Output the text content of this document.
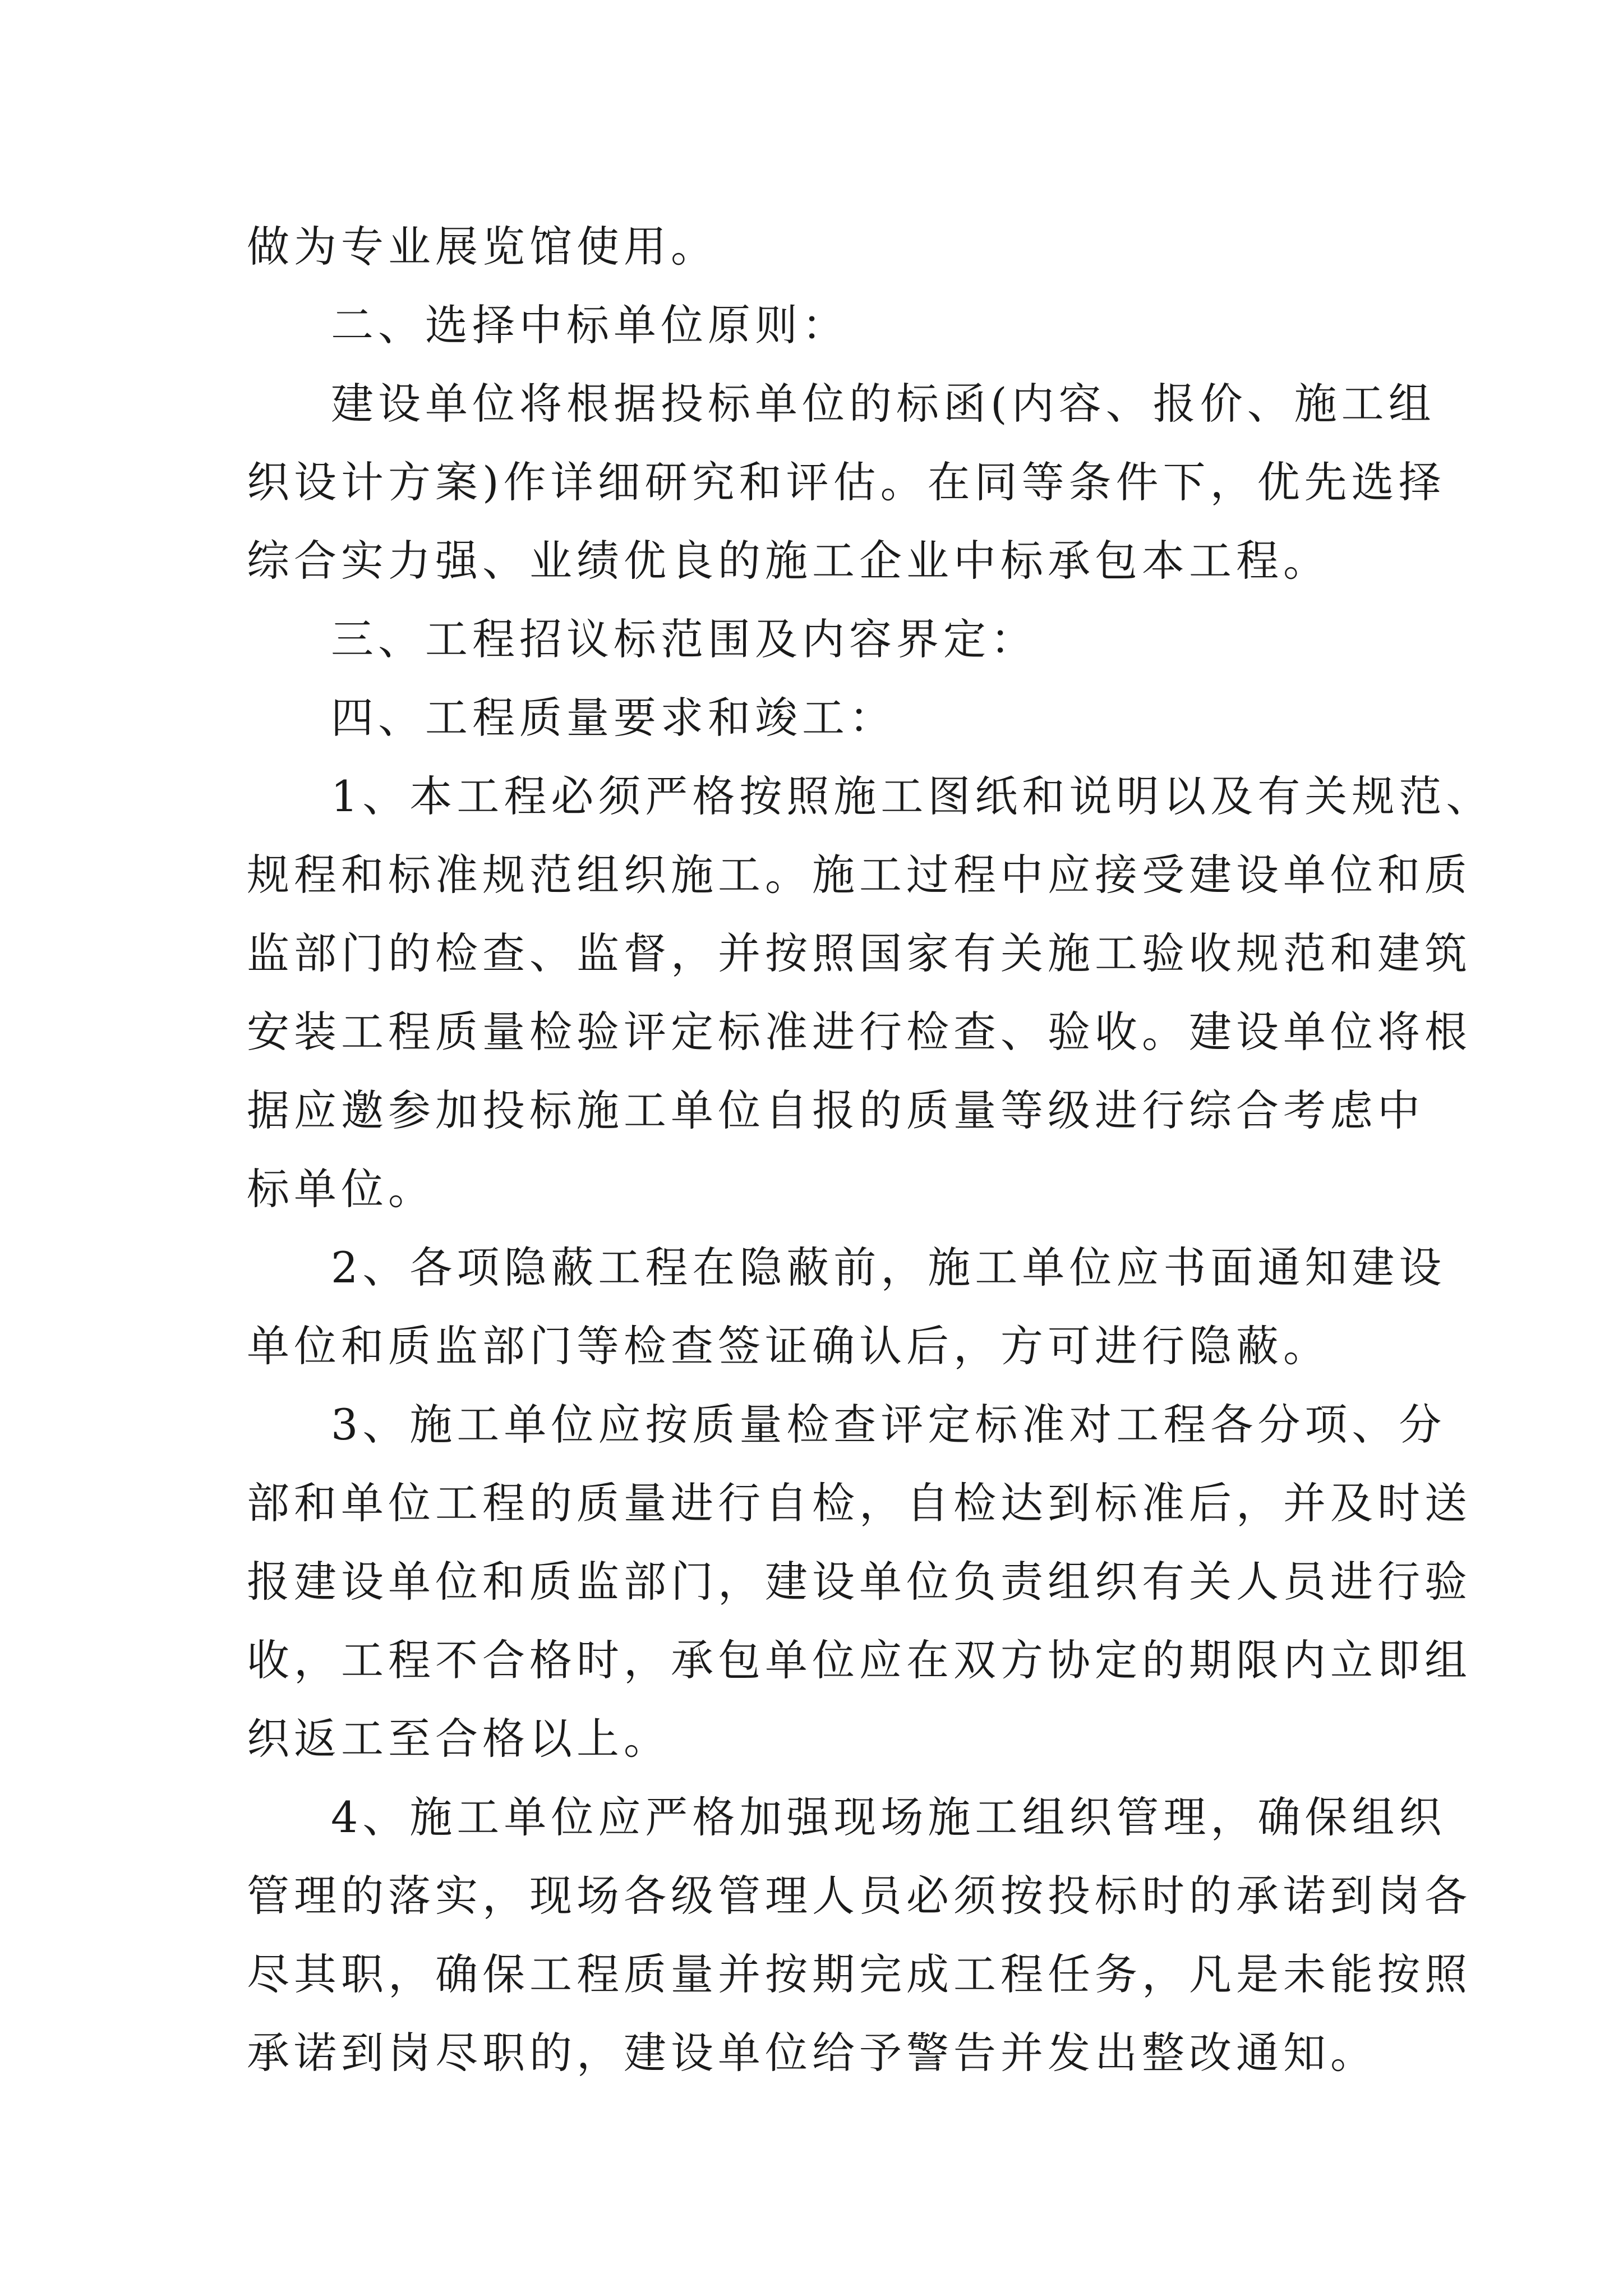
做为专业展览馆使用。
二、选择中标单位原则：
建设单位将根据投标单位的标函(内容、报价、施工组
织设计方案)作详细研究和评估。在同等条件下，优先选择
综合实力强、业绩优良的施工企业中标承包本工程。
三、工程招议标范围及内容界定：
四、工程质量要求和竣工：
1、本工程必须严格按照施工图纸和说明以及有关规范、
规程和标准规范组织施工。施工过程中应接受建设单位和质
监部门的检查、监督，并按照国家有关施工验收规范和建筑
安装工程质量检验评定标准进行检查、验收。建设单位将根
据应邀参加投标施工单位自报的质量等级进行综合考虑中
标单位。
2、各项隐蔽工程在隐蔽前，施工单位应书面通知建设
单位和质监部门等检查签证确认后，方可进行隐蔽。
3、施工单位应按质量检查评定标准对工程各分项、分
部和单位工程的质量进行自检，自检达到标准后，并及时送
报建设单位和质监部门，建设单位负责组织有关人员进行验
收，工程不合格时，承包单位应在双方协定的期限内立即组
织返工至合格以上。
4、施工单位应严格加强现场施工组织管理，确保组织
管理的落实，现场各级管理人员必须按投标时的承诺到岗各
尽其职，确保工程质量并按期完成工程任务，凡是未能按照
承诺到岗尽职的，建设单位给予警告并发出整改通知。
